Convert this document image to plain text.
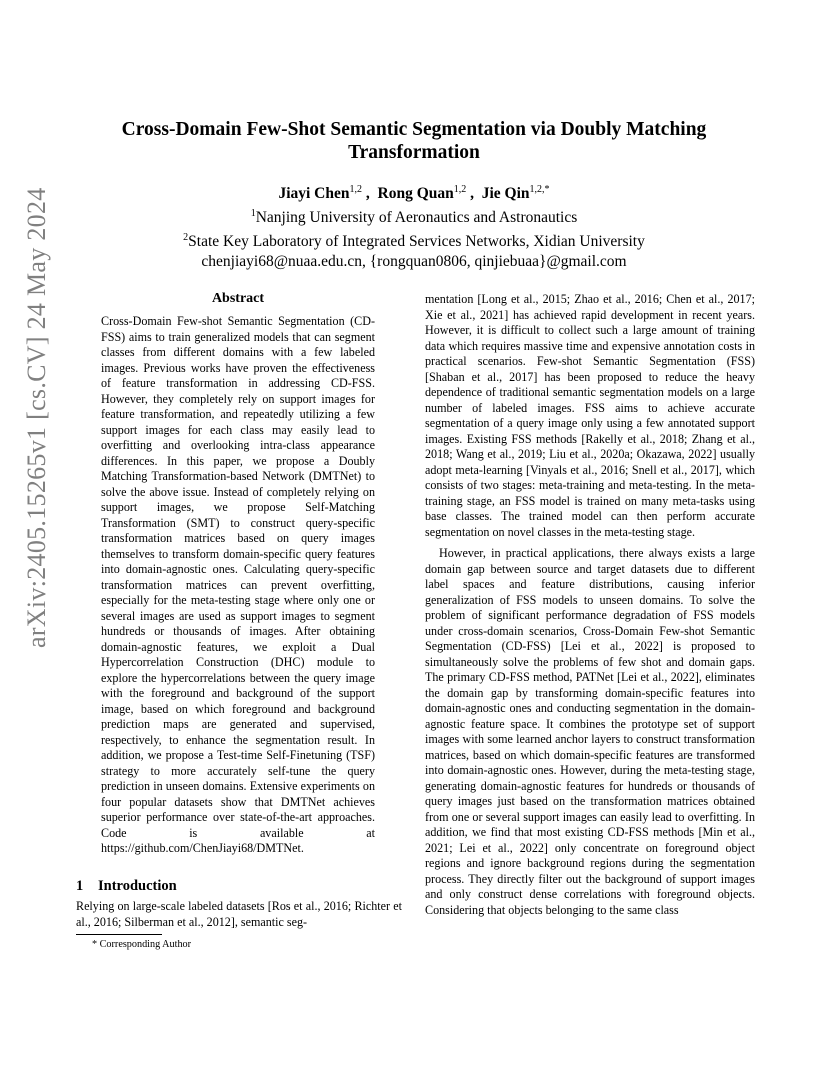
arXiv:2405.15265v1 [cs.CV] 24 May 2024
Cross-Domain Few-Shot Semantic Segmentation via Doubly Matching
Transformation
Jiayi Chen$^{1,2}$ ,  Rong Quan$^{1,2}$ ,  Jie Qin$^{1,2,*}$
$^1$Nanjing University of Aeronautics and Astronautics
$^2$State Key Laboratory of Integrated Services Networks, Xidian University
chenjiayi68@nuaa.edu.cn, {rongquan0806, qinjiebuaa}@gmail.com
Abstract
Cross-Domain Few-shot Semantic Segmentation (CD-FSS) aims to train generalized models that can segment classes from different domains with a few labeled images. Previous works have proven the effectiveness of feature transformation in addressing CD-FSS. However, they completely rely on support images for feature transformation, and repeatedly utilizing a few support images for each class may easily lead to overfitting and overlooking intra-class appearance differences. In this paper, we propose a Doubly Matching Transformation-based Network (DMTNet) to solve the above issue. Instead of completely relying on support images, we propose Self-Matching Transformation (SMT) to construct query-specific transformation matrices based on query images themselves to transform domain-specific query features into domain-agnostic ones. Calculating query-specific transformation matrices can prevent overfitting, especially for the meta-testing stage where only one or several images are used as support images to segment hundreds or thousands of images. After obtaining domain-agnostic features, we exploit a Dual Hypercorrelation Construction (DHC) module to explore the hypercorrelations between the query image with the foreground and background of the support image, based on which foreground and background prediction maps are generated and supervised, respectively, to enhance the segmentation result. In addition, we propose a Test-time Self-Finetuning (TSF) strategy to more accurately self-tune the query prediction in unseen domains. Extensive experiments on four popular datasets show that DMTNet achieves superior performance over state-of-the-art approaches. Code is available at https://github.com/ChenJiayi68/DMTNet.
1 Introduction
Relying on large-scale labeled datasets [Ros et al., 2016; Richter et al., 2016; Silberman et al., 2012], semantic seg-
* Corresponding Author

mentation [Long et al., 2015; Zhao et al., 2016; Chen et al., 2017; Xie et al., 2021] has achieved rapid development in recent years. However, it is difficult to collect such a large amount of training data which requires massive time and expensive annotation costs in practical scenarios. Few-shot Semantic Segmentation (FSS) [Shaban et al., 2017] has been proposed to reduce the heavy dependence of traditional semantic segmentation models on a large number of labeled images. FSS aims to achieve accurate segmentation of a query image only using a few annotated support images. Existing FSS methods [Rakelly et al., 2018; Zhang et al., 2018; Wang et al., 2019; Liu et al., 2020a; Okazawa, 2022] usually adopt meta-learning [Vinyals et al., 2016; Snell et al., 2017], which consists of two stages: meta-training and meta-testing. In the meta-training stage, an FSS model is trained on many meta-tasks using base classes. The trained model can then perform accurate segmentation on novel classes in the meta-testing stage.

However, in practical applications, there always exists a large domain gap between source and target datasets due to different label spaces and feature distributions, causing inferior generalization of FSS models to unseen domains. To solve the problem of significant performance degradation of FSS models under cross-domain scenarios, Cross-Domain Few-shot Semantic Segmentation (CD-FSS) [Lei et al., 2022] is proposed to simultaneously solve the problems of few shot and domain gaps. The primary CD-FSS method, PATNet [Lei et al., 2022], eliminates the domain gap by transforming domain-specific features into domain-agnostic ones and conducting segmentation in the domain-agnostic feature space. It combines the prototype set of support images with some learned anchor layers to construct transformation matrices, based on which domain-specific features are transformed into domain-agnostic ones. However, during the meta-testing stage, generating domain-agnostic features for hundreds or thousands of query images just based on the transformation matrices obtained from one or several support images can easily lead to overfitting. In addition, we find that most existing CD-FSS methods [Min et al., 2021; Lei et al., 2022] only concentrate on foreground object regions and ignore background regions during the segmentation process. They directly filter out the background of support images and only construct dense correlations with foreground objects. Considering that objects belonging to the same class
